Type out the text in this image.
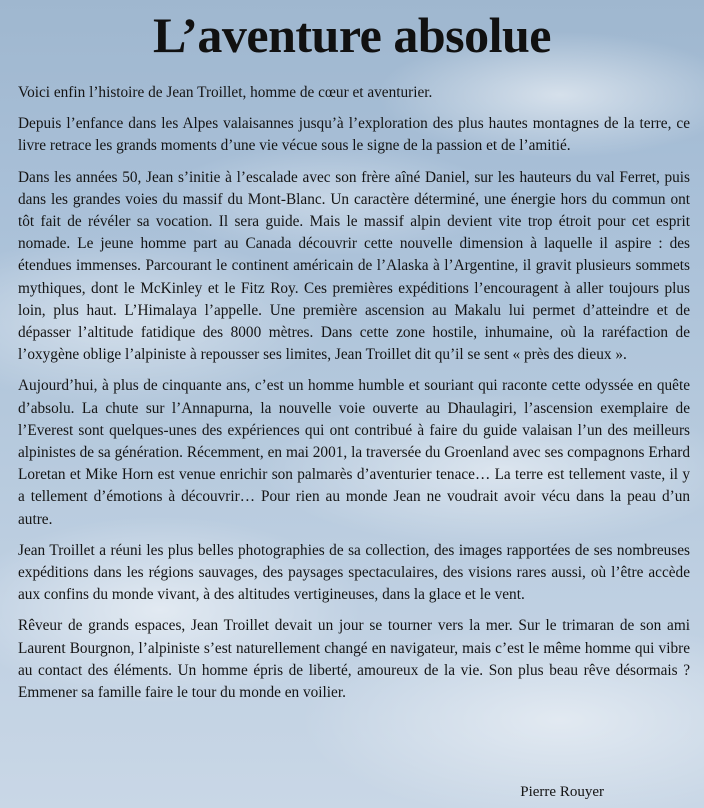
L’aventure absolue

Voici enfin l’histoire de Jean Troillet, homme de cœur et aventurier.

Depuis l’enfance dans les Alpes valaisannes jusqu’à l’exploration des plus hautes montagnes de la terre, ce livre retrace les grands moments d’une vie vécue sous le signe de la passion et de l’amitié.

Dans les années 50, Jean s’initie à l’escalade avec son frère aîné Daniel, sur les hauteurs du val Ferret, puis dans les grandes voies du massif du Mont-Blanc. Un caractère déterminé, une énergie hors du commun ont tôt fait de révéler sa vocation. Il sera guide. Mais le massif alpin devient vite trop étroit pour cet esprit nomade. Le jeune homme part au Canada découvrir cette nouvelle dimension à laquelle il aspire : des étendues immenses. Parcourant le continent américain de l’Alaska à l’Argentine, il gravit plusieurs sommets mythiques, dont le McKinley et le Fitz Roy. Ces premières expéditions l’encouragent à aller toujours plus loin, plus haut. L’Himalaya l’appelle. Une première ascension au Makalu lui permet d’atteindre et de dépasser l’altitude fatidique des 8000 mètres. Dans cette zone hostile, inhumaine, où la raréfaction de l’oxygène oblige l’alpiniste à repousser ses limites, Jean Troillet dit qu’il se sent « près des dieux ».

Aujourd’hui, à plus de cinquante ans, c’est un homme humble et souriant qui raconte cette odyssée en quête d’absolu. La chute sur l’Annapurna, la nouvelle voie ouverte au Dhaulagiri, l’ascension exemplaire de l’Everest sont quelques-unes des expériences qui ont contribué à faire du guide valaisan l’un des meilleurs alpinistes de sa génération. Récemment, en mai 2001, la traversée du Groenland avec ses compagnons Erhard Loretan et Mike Horn est venue enrichir son palmarès d’aventurier tenace… La terre est tellement vaste, il y a tellement d’émotions à découvrir… Pour rien au monde Jean ne voudrait avoir vécu dans la peau d’un autre.

Jean Troillet a réuni les plus belles photographies de sa collection, des images rapportées de ses nombreuses expéditions dans les régions sauvages, des paysages spectaculaires, des visions rares aussi, où l’être accède aux confins du monde vivant, à des altitudes vertigineuses, dans la glace et le vent.

Rêveur de grands espaces, Jean Troillet devait un jour se tourner vers la mer. Sur le trimaran de son ami Laurent Bourgnon, l’alpiniste s’est naturellement changé en navigateur, mais c’est le même homme qui vibre au contact des éléments. Un homme épris de liberté, amoureux de la vie. Son plus beau rêve désormais ? Emmener sa famille faire le tour du monde en voilier.

Pierre Rouyer
